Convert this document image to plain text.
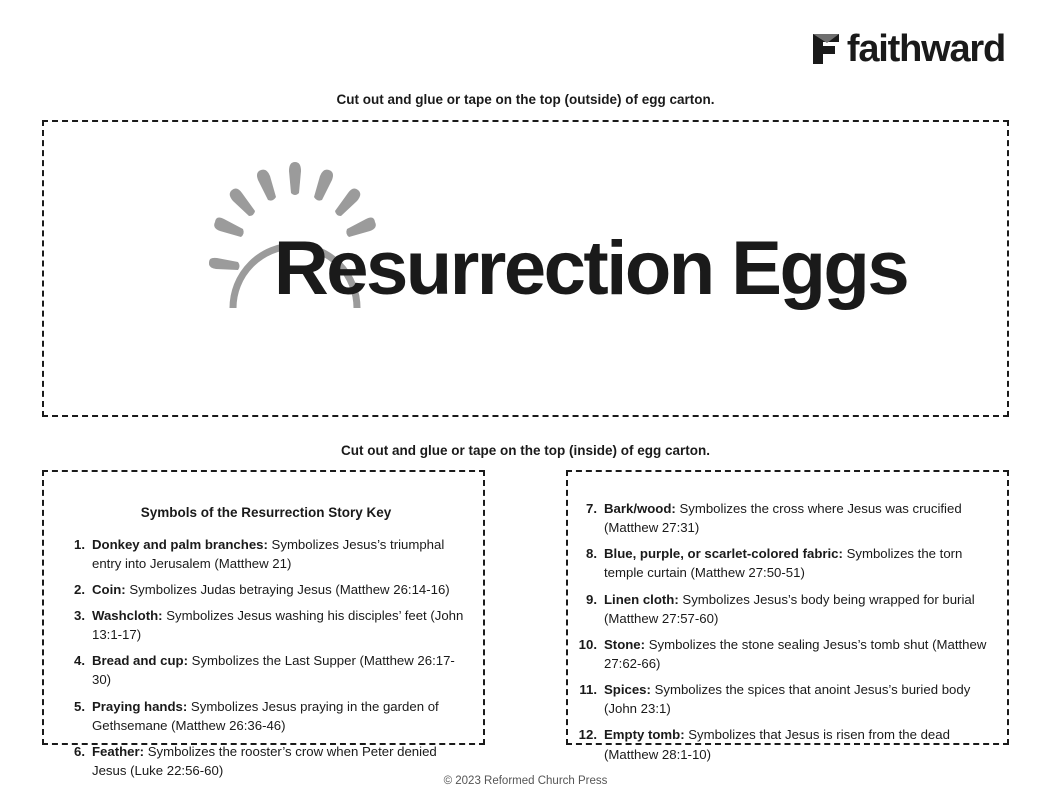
faithward
Cut out and glue or tape on the top (outside) of egg carton.
Resurrection Eggs
Cut out and glue or tape on the top (inside) of egg carton.
Symbols of the Resurrection Story Key
1. Donkey and palm branches: Symbolizes Jesus’s triumphal entry into Jerusalem (Matthew 21)
2. Coin: Symbolizes Judas betraying Jesus (Matthew 26:14-16)
3. Washcloth: Symbolizes Jesus washing his disciples’ feet (John 13:1-17)
4. Bread and cup: Symbolizes the Last Supper (Matthew 26:17-30)
5. Praying hands: Symbolizes Jesus praying in the garden of Gethsemane (Matthew 26:36-46)
6. Feather: Symbolizes the rooster’s crow when Peter denied Jesus (Luke 22:56-60)
7. Bark/wood: Symbolizes the cross where Jesus was crucified (Matthew 27:31)
8. Blue, purple, or scarlet-colored fabric: Symbolizes the torn temple curtain (Matthew 27:50-51)
9. Linen cloth: Symbolizes Jesus’s body being wrapped for burial (Matthew 27:57-60)
10. Stone: Symbolizes the stone sealing Jesus’s tomb shut (Matthew 27:62-66)
11. Spices: Symbolizes the spices that anoint Jesus’s buried body (John 23:1)
12. Empty tomb: Symbolizes that Jesus is risen from the dead (Matthew 28:1-10)
© 2023 Reformed Church Press
